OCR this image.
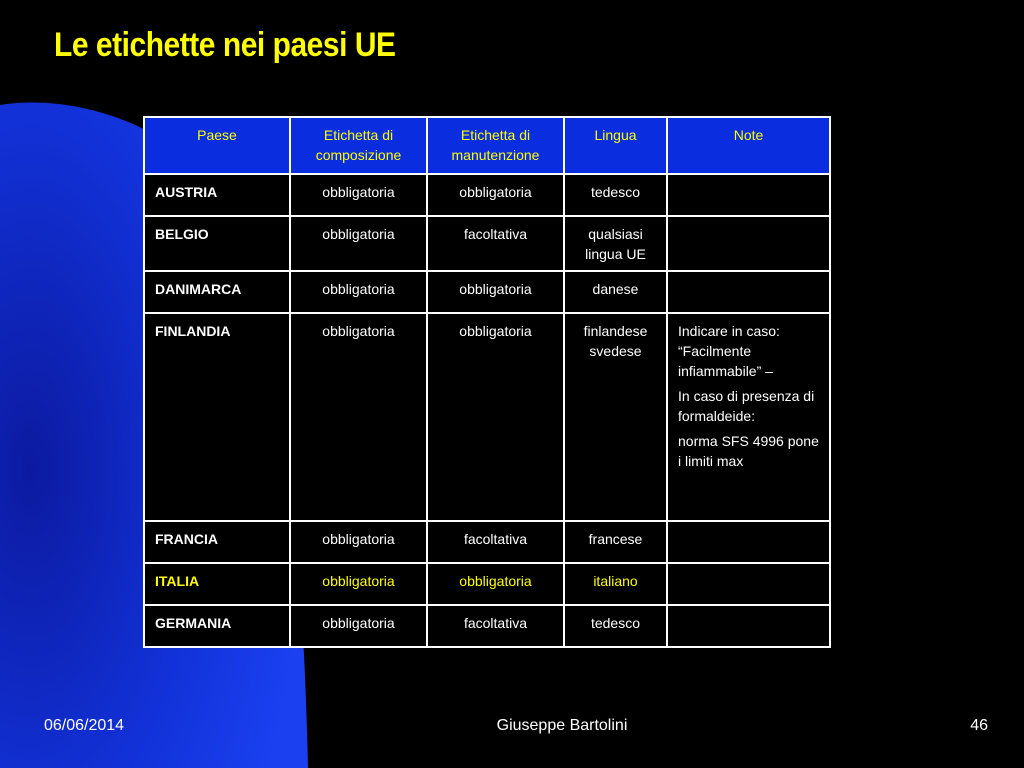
Le etichette nei paesi UE
Paese	Etichetta di composizione	Etichetta di manutenzione	Lingua	Note
AUSTRIA	obbligatoria	obbligatoria	tedesco	
BELGIO	obbligatoria	facoltativa	qualsiasi lingua UE	
DANIMARCA	obbligatoria	obbligatoria	danese	
FINLANDIA	obbligatoria	obbligatoria	finlandese svedese	Indicare in caso: “Facilmente infiammabile” –

In caso di presenza di formaldeide:

norma SFS 4996 pone i limiti max

FRANCIA	obbligatoria	facoltativa	francese	
ITALIA	obbligatoria	obbligatoria	italiano	
GERMANIA	obbligatoria	facoltativa	tedesco	
06/06/2014	Giuseppe Bartolini	46
